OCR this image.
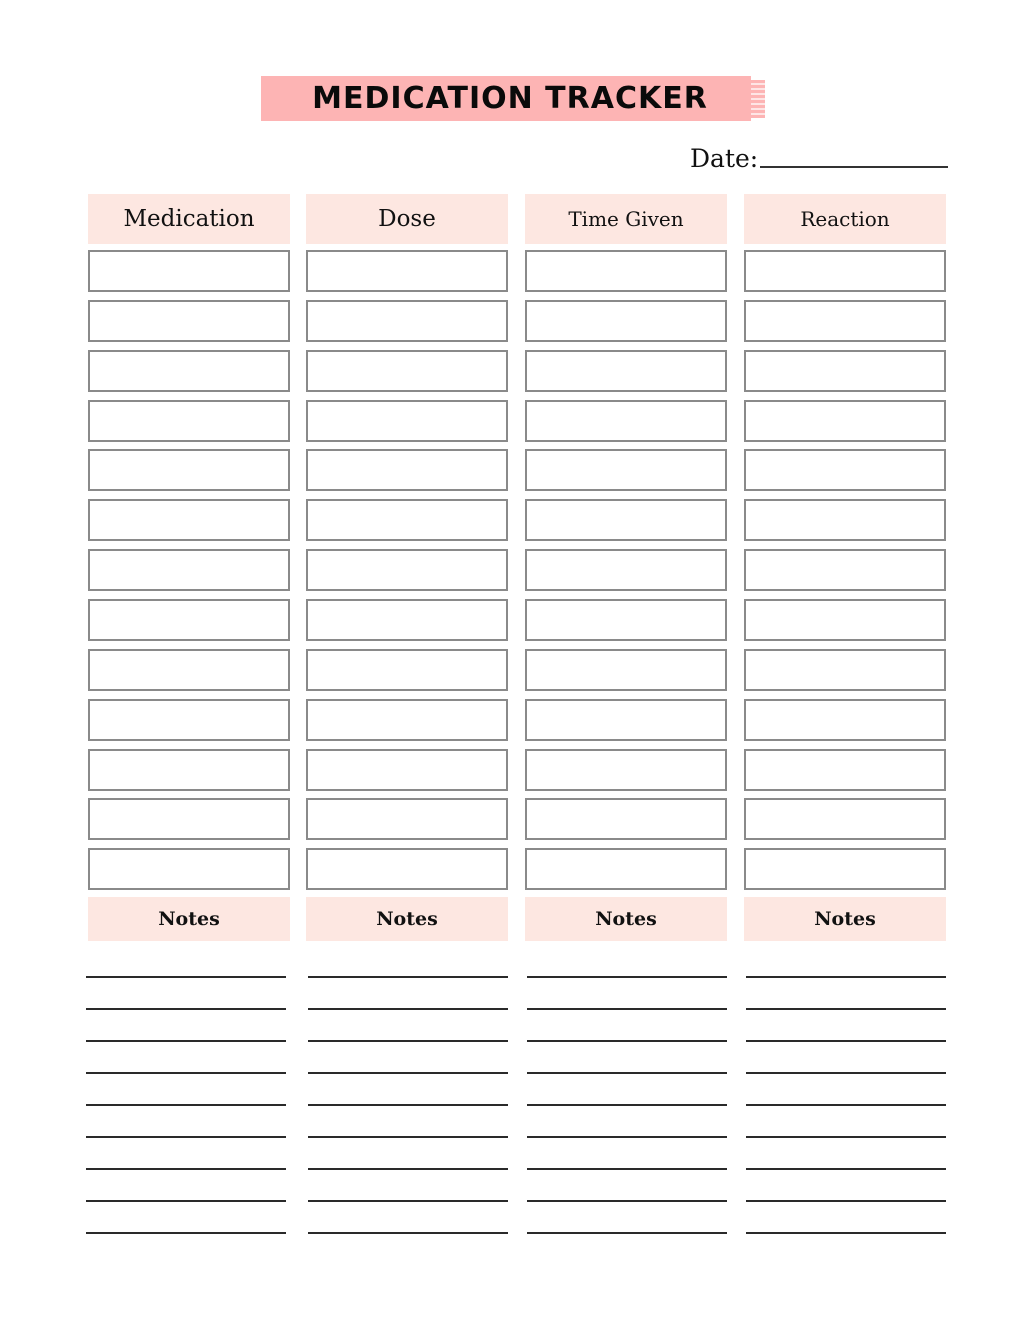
MEDICATION TRACKER
Date:
Medication
Notes
Dose
Notes
Time Given
Notes
Reaction
Notes
